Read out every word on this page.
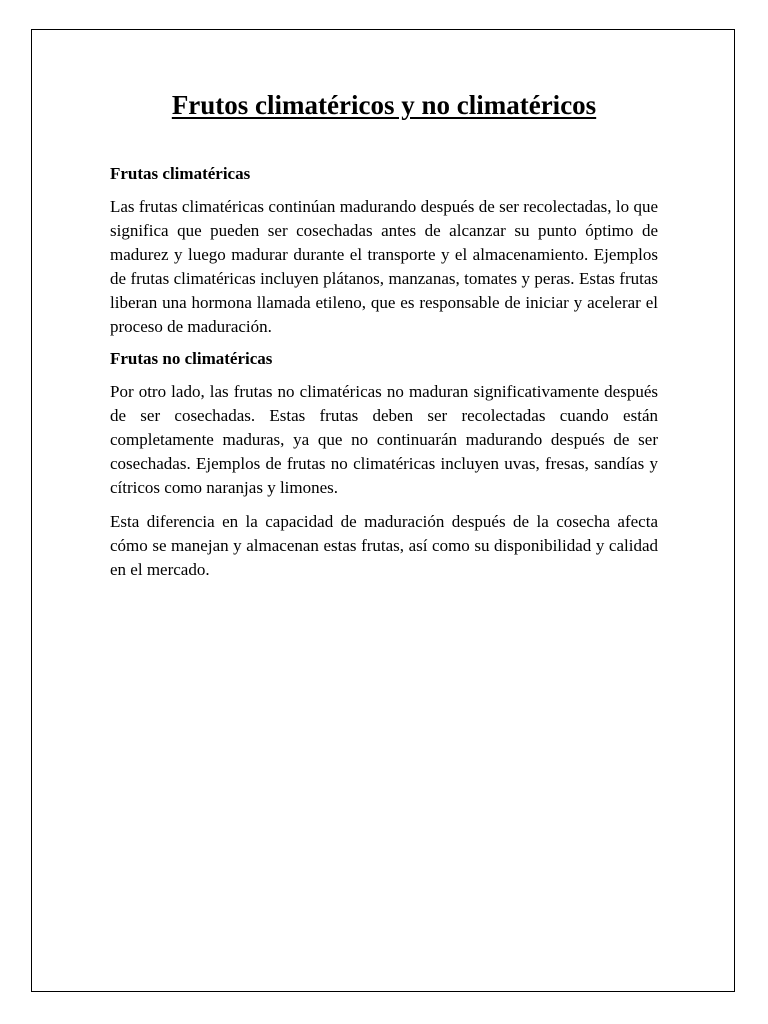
Frutos climatéricos y no climatéricos
Frutas climatéricas

Las frutas climatéricas continúan madurando después de ser recolectadas, lo que significa que pueden ser cosechadas antes de alcanzar su punto óptimo de madurez y luego madurar durante el transporte y el almacenamiento. Ejemplos de frutas climatéricas incluyen plátanos, manzanas, tomates y peras. Estas frutas liberan una hormona llamada etileno, que es responsable de iniciar y acelerar el proceso de maduración.

Frutas no climatéricas

Por otro lado, las frutas no climatéricas no maduran significativamente después de ser cosechadas. Estas frutas deben ser recolectadas cuando están completamente maduras, ya que no continuarán madurando después de ser cosechadas. Ejemplos de frutas no climatéricas incluyen uvas, fresas, sandías y cítricos como naranjas y limones.

Esta diferencia en la capacidad de maduración después de la cosecha afecta cómo se manejan y almacenan estas frutas, así como su disponibilidad y calidad en el mercado.
